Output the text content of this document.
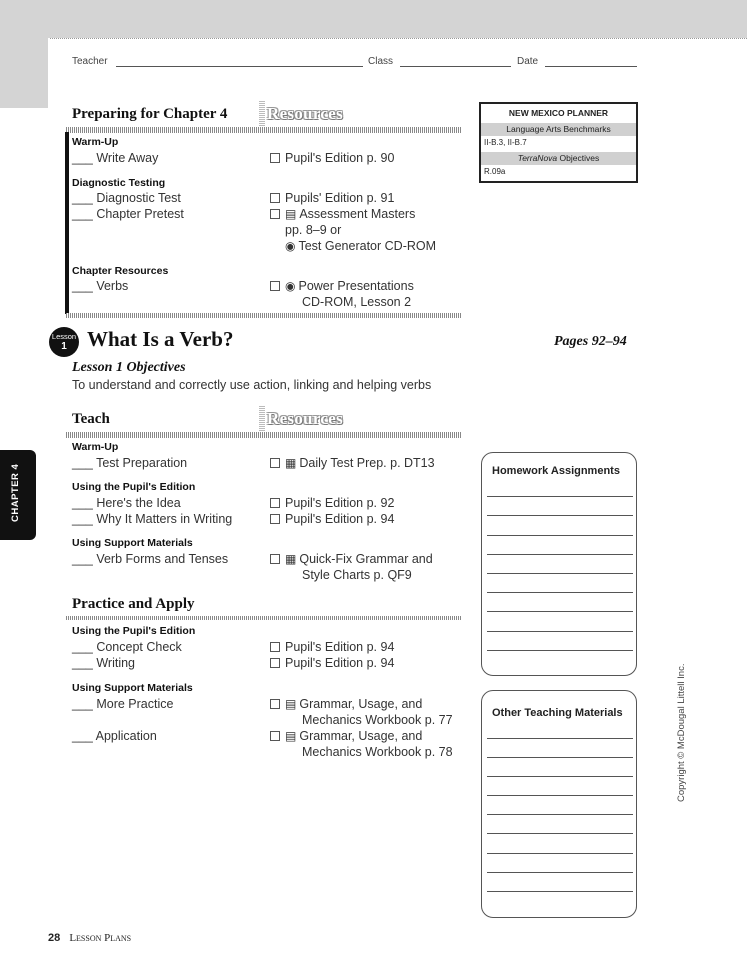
Teacher	Class	Date
Preparing for Chapter 4 Resources
Warm-Up
___ Write Away	Pupil's Edition p. 90
Diagnostic Testing
___ Diagnostic Test	Pupils' Edition p. 91
___ Chapter Pretest	▤ Assessment Masters
pp. 8–9 or
◉ Test Generator CD-ROM
Chapter Resources
___ Verbs	◉ Power Presentations
CD-ROM, Lesson 2
NEW MEXICO PLANNER
Language Arts Benchmarks
II-B.3, II-B.7
TerraNova Objectives
R.09a
Lesson
1 What Is a Verb?	Pages 92–94
Lesson 1 Objectives
To understand and correctly use action, linking and helping verbs
Teach	Resources
Warm-Up
___ Test Preparation	▦ Daily Test Prep. p. DT13
Using the Pupil's Edition
___ Here's the Idea	Pupil's Edition p. 92
___ Why It Matters in Writing	Pupil's Edition p. 94
Using Support Materials
___ Verb Forms and Tenses	▦ Quick-Fix Grammar and
Style Charts p. QF9
Practice and Apply
Using the Pupil's Edition
___ Concept Check	Pupil's Edition p. 94
___ Writing	Pupil's Edition p. 94
Using Support Materials
___ More Practice	▤ Grammar, Usage, and
Mechanics Workbook p. 77
___ Application	▤ Grammar, Usage, and
Mechanics Workbook p. 78
Homework Assignments
Other Teaching Materials
CHAPTER 4
Copyright © McDougal Littell Inc.
28 Lesson Plans
